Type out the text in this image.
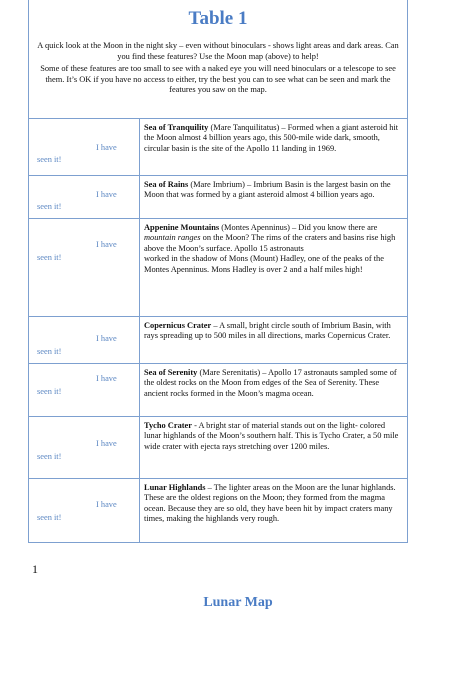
Table 1

A quick look at the Moon in the night sky – even without binoculars - shows light areas and dark areas. Can you find these features? Use the Moon map (above) to help!

Some of these features are too small to see with a naked eye you will need binoculars or a telescope to see them. It’s OK if you have no access to either, try the best you can to see what can be seen and mark the features you saw on the map.

I have
seen it!

Sea of Tranquility (Mare Tanquilitatus) – Formed when a giant asteroid hit the Moon almost 4 billion years ago, this 500-mile wide dark, smooth, circular basin is the site of the Apollo 11 landing in 1969.

I have
seen it!

Sea of Rains (Mare Imbrium) – Imbrium Basin is the largest basin on the Moon that was formed by a giant asteroid almost 4 billion years ago.

I have
seen it!

Appenine Mountains (Montes Apenninus) – Did you know there are

mountain ranges on the Moon? The rims of the craters and basins rise high above the Moon’s surface. Apollo 15 astronauts

worked in the shadow of Mons (Mount) Hadley, one of the peaks of the Montes Apenninus. Mons Hadley is over 2 and a half miles high!

I have
seen it!

Copernicus Crater – A small, bright circle south of Imbrium Basin, with rays spreading up to 500 miles in all directions, marks Copernicus Crater.

I have
seen it!

Sea of Serenity (Mare Serenitatis) – Apollo 17 astronauts sampled some of the oldest rocks on the Moon from edges of the Sea of Serenity. These ancient rocks formed in the Moon’s magma ocean.

I have
seen it!

Tycho Crater - A bright star of material stands out on the light- colored lunar highlands of the Moon’s southern half. This is Tycho Crater, a 50 mile wide crater with ejecta rays stretching over 1200 miles.

I have
seen it!

Lunar Highlands – The lighter areas on the Moon are the lunar highlands. These are the oldest regions on the Moon; they formed from the magma ocean. Because they are so old, they have been hit by impact craters many times, making the highlands very rough.

1
Lunar Map
